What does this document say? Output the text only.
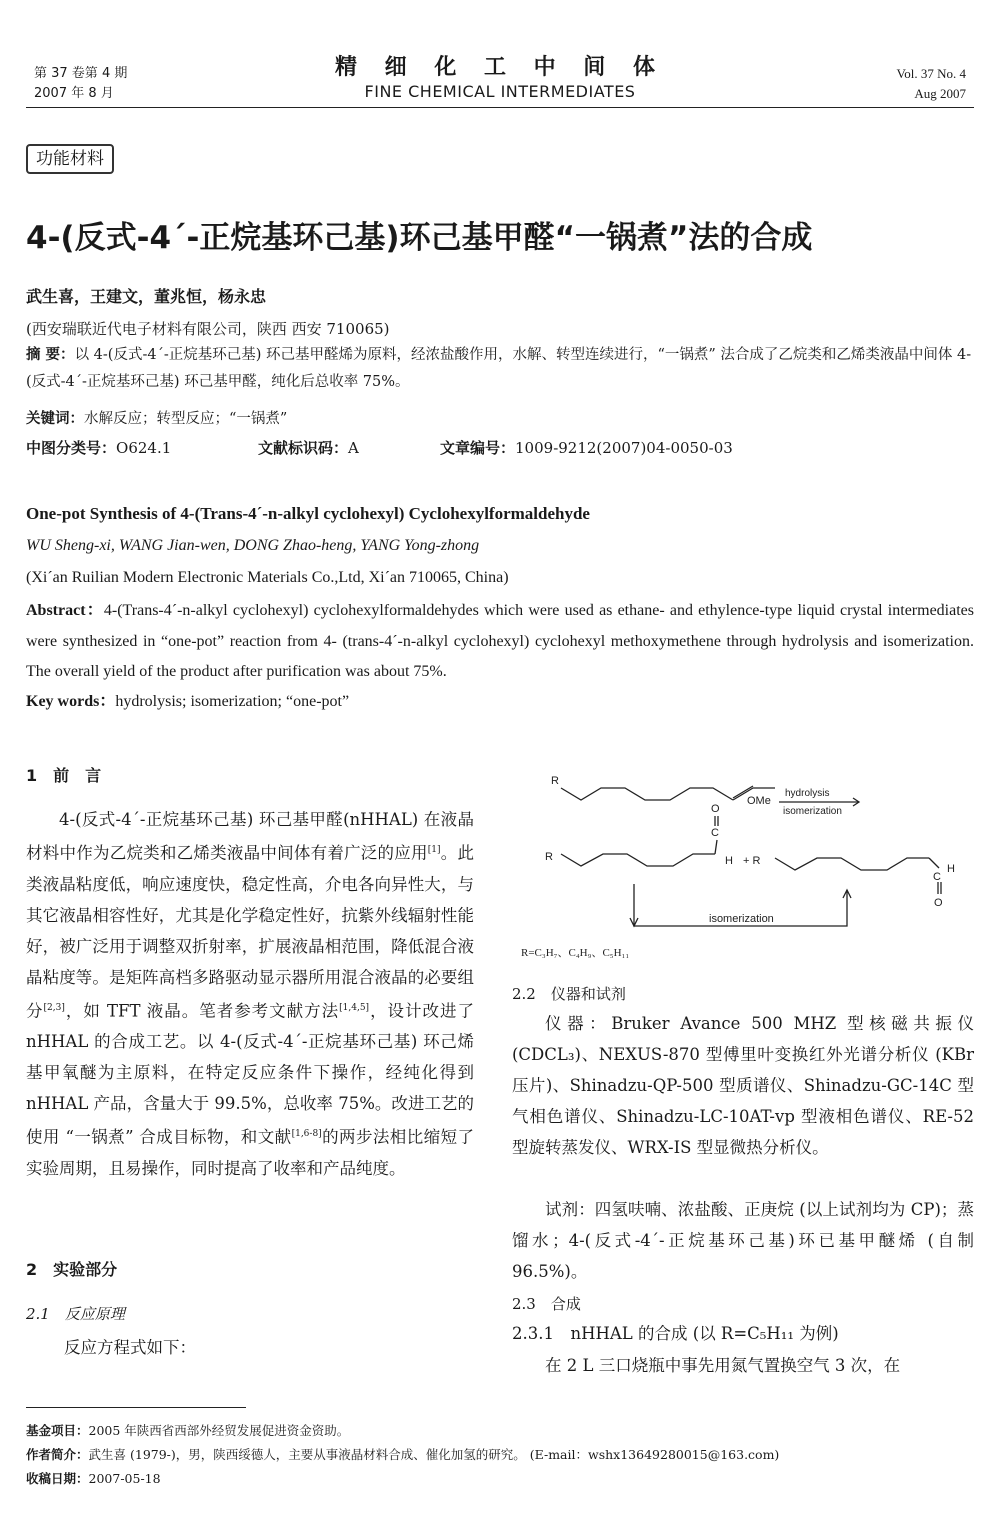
第 37 卷第 4 期
2007 年 8 月
精 细 化 工 中 间 体
FINE CHEMICAL INTERMEDIATES
Vol. 37 No. 4
Aug 2007
功能材料
4-(反式-4´-正烷基环己基)环己基甲醛“一锅煮”法的合成
武生喜，王建文，董兆恒，杨永忠
(西安瑞联近代电子材料有限公司，陕西 西安 710065)
摘 要：以 4-(反式-4´-正烷基环己基) 环己基甲醛烯为原料，经浓盐酸作用，水解、转型连续进行，“一锅煮” 法合成了乙烷类和乙烯类液晶中间体 4-(反式-4´-正烷基环己基) 环己基甲醛，纯化后总收率 75%。
关键词：水解反应；转型反应；“一锅煮”
中图分类号：O624.1	文献标识码：A	文章编号：1009-9212(2007)04-0050-03
One-pot Synthesis of 4-(Trans-4´-n-alkyl cyclohexyl) Cyclohexylformaldehyde
WU Sheng-xi, WANG Jian-wen, DONG Zhao-heng, YANG Yong-zhong
(Xi´an Ruilian Modern Electronic Materials Co.,Ltd, Xi´an 710065, China)
Abstract：4-(Trans-4´-n-alkyl cyclohexyl) cyclohexylformaldehydes which were used as ethane- and ethylence-type liquid crystal intermediates were synthesized in “one-pot” reaction from 4- (trans-4´-n-alkyl cyclohexyl) cyclohexyl methoxymethene through hydrolysis and isomerization. The overall yield of the product after purification was about 75%.
Key words：hydrolysis; isomerization; “one-pot”
1　前　言
4-(反式-4´-正烷基环己基) 环己基甲醛(nHHAL) 在液晶材料中作为乙烷类和乙烯类液晶中间体有着广泛的应用[1]。此类液晶粘度低，响应速度快，稳定性高，介电各向异性大，与其它液晶相容性好，尤其是化学稳定性好，抗紫外线辐射性能好，被广泛用于调整双折射率，扩展液晶相范围，降低混合液晶粘度等。是矩阵高档多路驱动显示器所用混合液晶的必要组分[2,3]，如 TFT 液晶。笔者参考文献方法[1,4,5]，设计改进了 nHHAL 的合成工艺。以 4-(反式-4´-正烷基环己基) 环己烯基甲氧醚为主原料，在特定反应条件下操作，经纯化得到nHHAL 产品，含量大于 99.5%，总收率 75%。改进工艺的使用 “一锅煮” 合成目标物，和文献[1,6-8]的两步法相比缩短了实验周期，且易操作，同时提高了收率和产品纯度。
2　实验部分
2.1　反应原理
反应方程式如下：
R
OMe
hydrolysis
isomerization
R
O
C
H + R
C
H
O
isomerization
R=C₃H₇、C₄H₉、C₅H₁₁
2.2　仪器和试剂
仪器：Bruker Avance 500 MHZ 型核磁共振仪 (CDCL₃)、NEXUS-870 型傅里叶变换红外光谱分析仪 (KBr 压片)、Shinadzu-QP-500 型质谱仪、Shinadzu-GC-14C 型气相色谱仪、Shinadzu-LC-10AT-vp 型液相色谱仪、RE-52 型旋转蒸发仪、WRX-IS 型显微热分析仪。
试剂：四氢呋喃、浓盐酸、正庚烷 (以上试剂均为 CP)；蒸馏水；4-(反式-4´-正烷基环己基)环已基甲醚烯 (自制 96.5%)。
2.3　合成
2.3.1　nHHAL 的合成 (以 R=C₅H₁₁ 为例)
在 2 L 三口烧瓶中事先用氮气置换空气 3 次，在
基金项目：2005 年陕西省西部外经贸发展促进资金资助。
作者简介：武生喜 (1979-)，男，陕西绥德人，主要从事液晶材料合成、催化加氢的研究。 (E-mail：wshx13649280015@163.com)
收稿日期：2007-05-18
